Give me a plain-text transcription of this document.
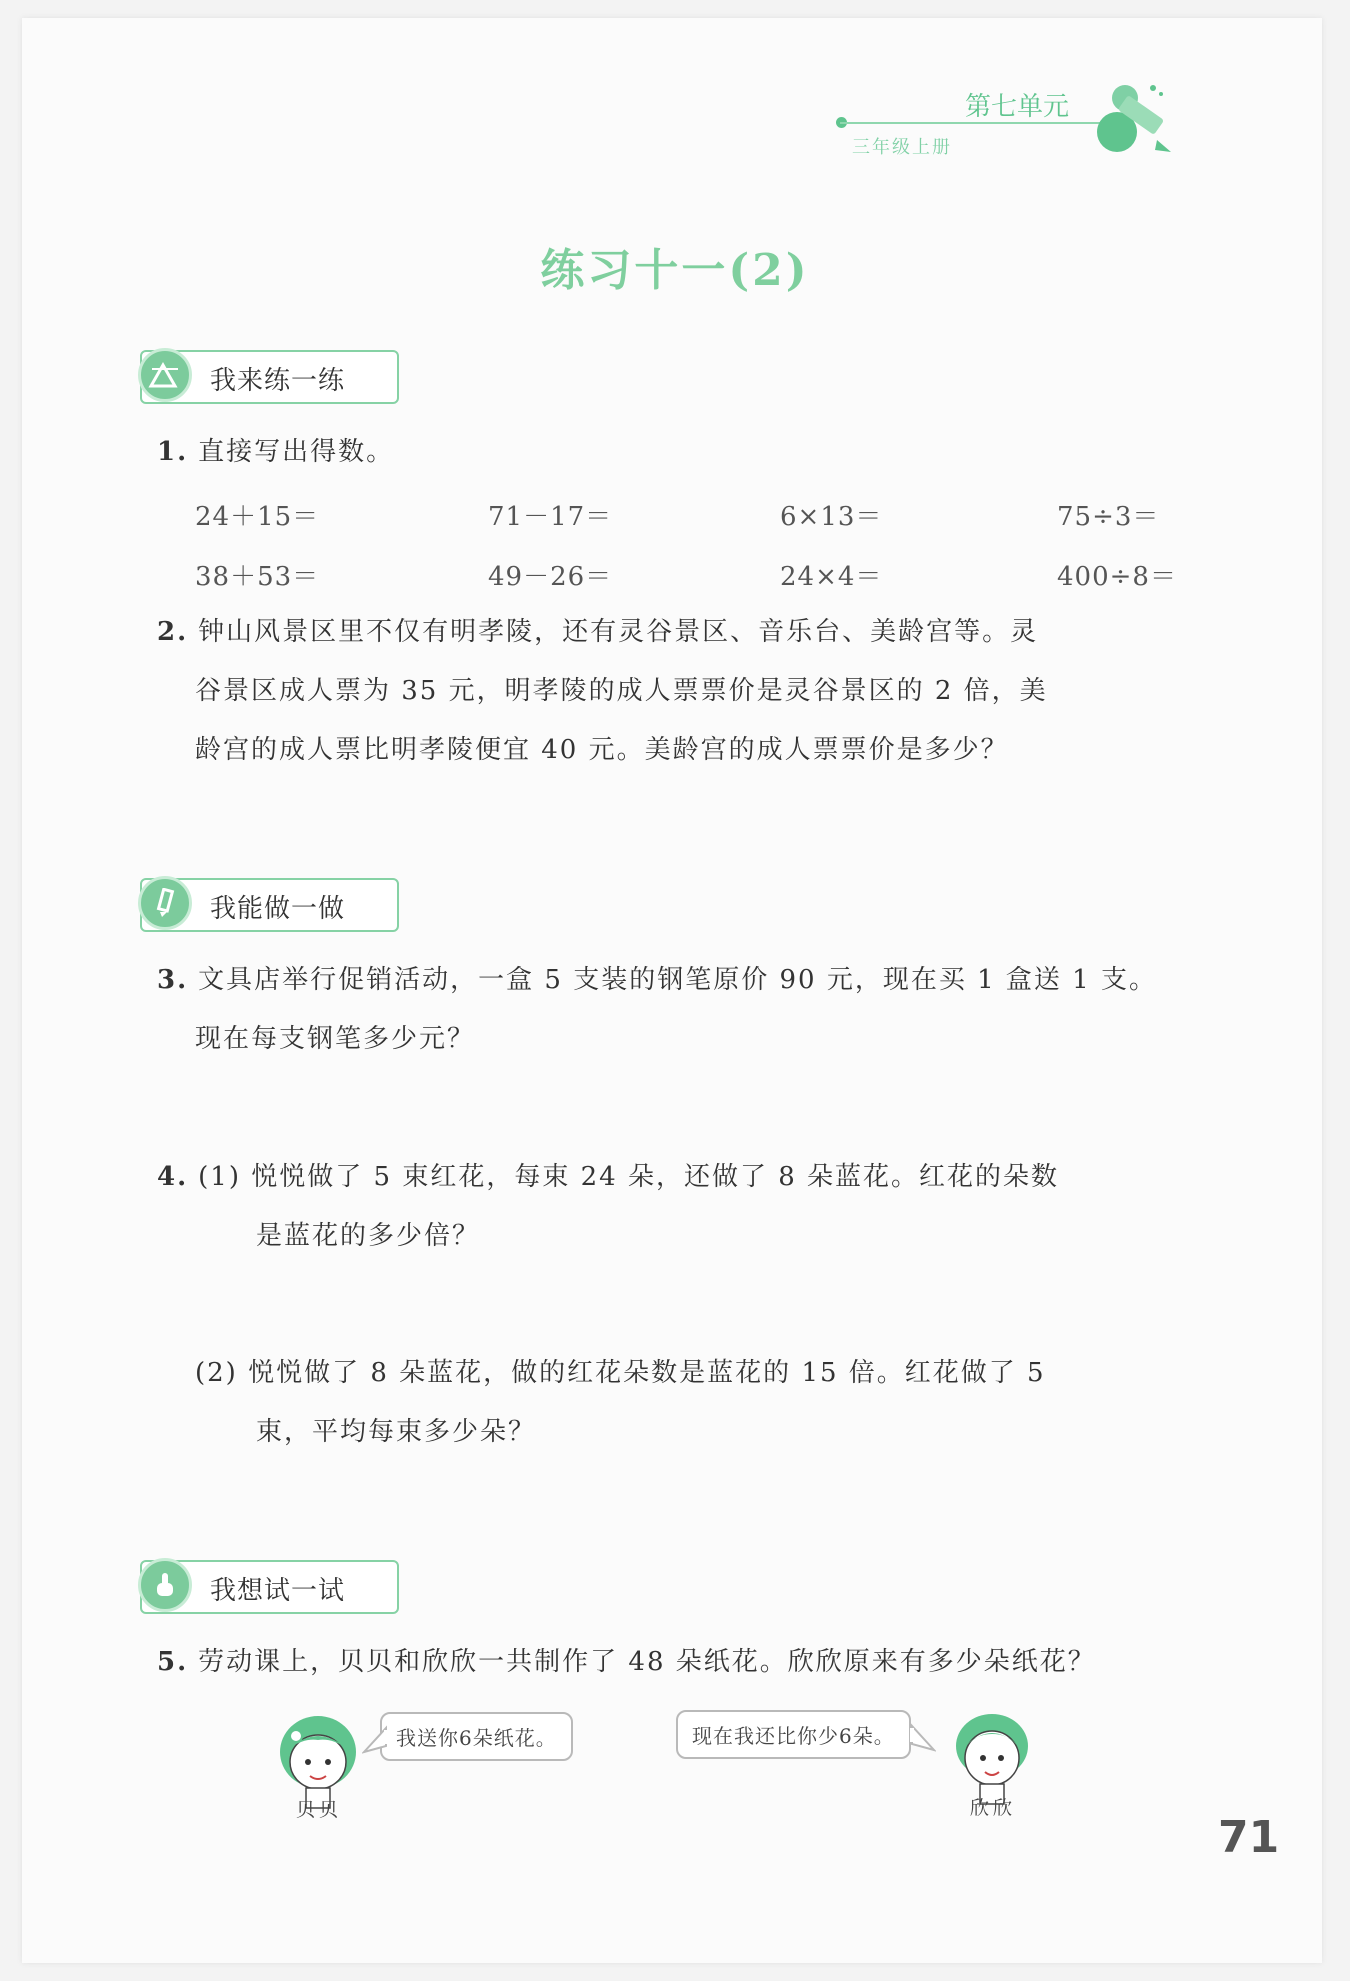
第七单元
三年级上册
练习十一(2)
我来练一练
1. 直接写出得数。
24＋15＝	71－17＝	6×13＝	75÷3＝
38＋53＝	49－26＝	24×4＝	400÷8＝
2. 钟山风景区里不仅有明孝陵，还有灵谷景区、音乐台、美龄宫等。灵
谷景区成人票为 35 元，明孝陵的成人票票价是灵谷景区的 2 倍，美
龄宫的成人票比明孝陵便宜 40 元。美龄宫的成人票票价是多少？
我能做一做
3. 文具店举行促销活动，一盒 5 支装的钢笔原价 90 元，现在买 1 盒送 1 支。
现在每支钢笔多少元？
4. (1) 悦悦做了 5 束红花，每束 24 朵，还做了 8 朵蓝花。红花的朵数
是蓝花的多少倍？
(2) 悦悦做了 8 朵蓝花，做的红花朵数是蓝花的 15 倍。红花做了 5
束，平均每束多少朵？
我想试一试
5. 劳动课上，贝贝和欣欣一共制作了 48 朵纸花。欣欣原来有多少朵纸花？
贝贝
我送你6朵纸花。	现在我还比你少6朵。
欣欣
71
